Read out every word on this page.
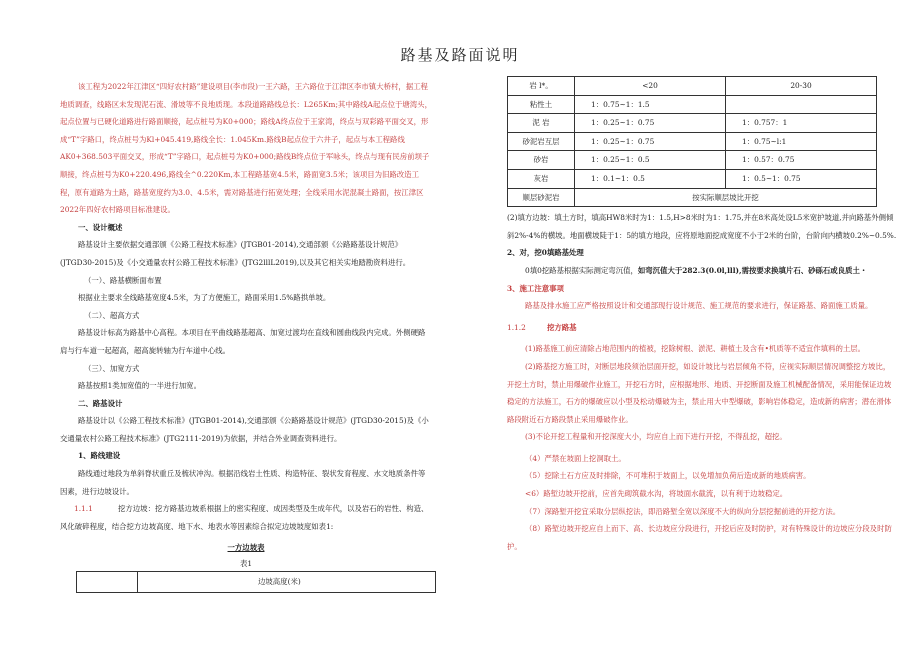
路基及路面说明

该工程为2022年江津区“四好农村路”建设项目(李市段)一王六路，王六路位于江津区李市镇大桥村，据工程地质调查，线路区未发现泥石流、滑坡等不良地质现。本段道路路线总长：L265Km;其中路线A起点位于塘湾头，起点位置与已硬化道路进行路面顺接，起点桩号为K0+000；路线A终点位于王家湾，终点与双彩路平面交叉，形成“T”字路口，终点桩号为Kl+045.419,路线全长：1.045Km.路线B起点位于六井子，起点与本工程路线AK0+368.503平面交叉，形成“T”字路口，起点桩号为K0+000;路线B终点位于军咏头，终点与现有民房前坝子顺接，终点桩号为K0+220.496,路线全^0.220Km,本工程路基宽4.5米，路面宽3.5米；该项目为旧路改造工程，原有道路为土路，路基宽度约为3.0、4.5米，需对路基进行拓宽处理；全线采用水泥混凝土路面，按江津区2022年四好农村路项目标准建设。

一、设计概述

路基设计主要依据交通部颁《公路工程技术标准》(JTGB01-2014),交通部颁《公路路基设计规范》(JTGD30-2015)及《小交通量农村公路工程技术标准》(JTG2lllL2019),以及其它相关实地踏勘资料进行。

（一）、路基横断面布置

根据业主要求全线路基宽度4.5米，为了方便施工，路面采用1.5%路拱单坡。

（二）、超高方式

路基设计标高为路基中心高程。本项目在平曲线路基超高、加宽过渡均在直线和圆曲线段内完成。外侧硬路肩与行车道一起超高，超高旋转轴为行车道中心线。

（三）、加宽方式

路基按照1类加宽值的一半进行加宽。

二、路基设计

路基设计以《公路工程技术标准》(JTGB01-2014),交通部颁《公路路基设计规范》(JTGD30-2015)及《小交通量农村公路工程技术标准》(JTG2111-2019)为依据，并结合外业调查资料进行。

1、路线建设

路线通过地段为单斜脊状重丘及梳状冲沟。根据沿线岩土性质、构造特征、裂状发育程度、水文地质条件等因素，进行边坡设计。

1.1.1	挖方边坡：挖方路基边坡系根据上的密实程度、成因类型及生成年代，以及岩石的岩性、构造、风化破碎程度，结合挖方边坡高度、地下水、地表水等因素综合拟定边坡坡度如表1:

一方边坡表

表1

	边坡高度(米)
岩 l*。	<20	20-30
粘性土	1：0.75~1：1.5	
泥 岩	1：0.25~1：0.75	1：0.757：1
砂泥岩互层	1：0.25~1：0.75	1：0.75~l:1
砂岩	1：0.25~1：0.5	1：0.57：0.75
灰岩	1：0.1~1：0.5	1：0.5~1：0.75
顺层砂泥岩	按实际顺层坡比开挖	

(2)填方边坡：填土方时，填高HW8米时为1：1.5,H>8米时为1：1.75,并在8米高处设L5米宽护坡道,并向路基外侧倾斜2%-4%的横坡。地面横坡陡于1：5的填方地段，应将原地面挖成宽度不小于2米的台阶，台阶向内横坡0.2%~0.5%.

2、对，挖0填路基处理

0填0挖路基根据实际测定弯沉值，如弯沉值大于282.3(0.0l,lll),需按要求换填片石、砂砾石或良质土・

3、施工注意事项

路基及排水施工应严格按照设计和交通部现行设计规范、施工规范的要求进行，保证路基、路面施工质量。

1.1.2	挖方路基

(1)路基施工前应清除占地范围内的植被，挖除树根、淤泥、耕植土及含有•机质等不适宜作填料的土层。

(2)路基挖方施工时，对断层地段须治层面开挖，如设计坡比与岩层倾角不符，应视实际顺层情况调整挖方坡比，开挖土方时，禁止用爆破作业施工，开挖石方时，应根据地形、地质、开挖断面及施工机械配备情况，采用能保证边坡稳定的方法施工，石方的爆破应以小型及松动爆破为主，禁止用大中型爆破，影响岩体稳定，造成新的病害；潜在滑体路段附近石方路段禁止采用爆破作业。

(3)不论开挖工程量和开挖深度大小，均应自上而下进行开挖，不得乱挖，超挖。

（4）严禁在坡面上挖洞取土。

（5）挖除土石方应及时排除，不可堆积于坡面上，以免增加负荷后造成新的地质病害。

<6）路堑边坡开挖前，应首先砌筑截水沟，将坡面水截流，以有利于边坡稳定。

（7）深路堑开挖宜采取分层纵挖法，即沿路堑全宽以深度不大的纵向分层挖掘前进的开挖方法。

（8）路堑边坡开挖应自上而下、高、长边坡应分段进行，开挖后应及时防护，对有特殊设计的边坡应分段及时防护。
